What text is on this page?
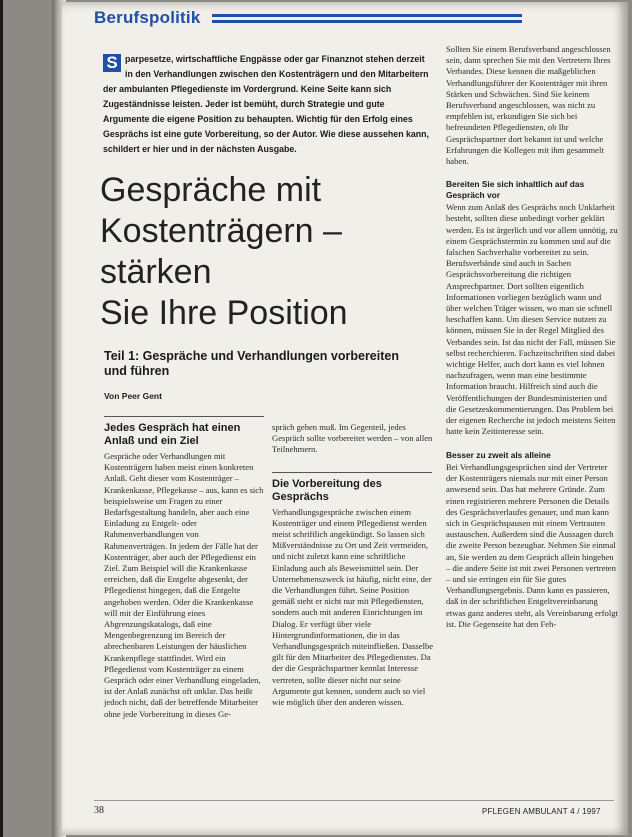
Berufspolitik
S parpesetze, wirtschaftliche Engpässe oder gar Finanznot stehen derzeit in den Verhandlungen zwischen den Kostenträgern und den Mitarbeitern der ambulanten Pflegedienste im Vordergrund. Keine Seite kann sich Zugeständnisse leisten. Jeder ist bemüht, durch Strategie und gute Argumente die eigene Position zu behaupten. Wichtig für den Erfolg eines Gesprächs ist eine gute Vorbereitung, so der Autor. Wie diese aussehen kann, schildert er hier und in der nächsten Ausgabe.
Gespräche mit
Kostenträgern –
stärken
Sie Ihre Position
Teil 1: Gespräche und Verhandlungen vorbereiten und führen
Von Peer Gent

Jedes Gespräch hat einen Anlaß und ein Ziel

Gespräche oder Verhandlungen mit Kostenträgern haben meist einen konkreten Anlaß. Geht dieser vom Kostenträger – Krankenkasse, Pflegekasse – aus, kann es sich beispielsweise um Fragen zu einer Bedarfsgestaltung handeln, aber auch eine Einladung zu Entgelt- oder Rahmenverhandlungen von Rahmenverträgen. In jedem der Fälle hat der Kostenträger, aber auch der Pflegedienst ein Ziel. Zum Beispiel will die Krankenkasse erreichen, daß die Entgelte abgesenkt, der Pflegedienst hingegen, daß die Entgelte angehoben werden. Oder die Krankenkasse will mit der Einführung eines Abgrenzungskatalogs, daß eine Mengenbegrenzung im Bereich der abrechenbaren Leistungen der häuslichen Krankenpflege stattfindet. Wird ein Pflegedienst vom Kostenträger zu einem Gespräch oder einer Verhandlung eingeladen, ist der Anlaß zunächst oft unklar. Das heißt jedoch nicht, daß der betreffende Mitarbeiter ohne jede Vorbereitung in dieses Ge-

spräch gehen muß. Im Gegenteil, jedes Gespräch sollte vorbereitet werden – von allen Teilnehmern.

Die Vorbereitung des Gesprächs

Verhandlungsgespräche zwischen einem Kostenträger und einem Pflegedienst werden meist schriftlich angekündigt. So lassen sich Mißverständnisse zu Ort und Zeit vermeiden, und nicht zuletzt kann eine schriftliche Einladung auch als Beweismittel sein. Der Unternehmenszweck ist häufig, nicht eine, der die Verhandlungen führt. Seine Position gemäß steht er nicht nur mit Pflegediensten, sondern auch mit anderen Einrichtungen im Dialog. Er verfügt über viele Hintergrundinformationen, die in das Verhandlungsgespräch miteinfließen. Dasselbe gilt für den Mitarbeiter des Pflegedienstes. Da der die Gesprächspartner kennlat Interesse vertreten, sollte dieser nicht nur seine Argumente gut kennen, sondern auch so viel wie möglich über den anderen wissen.

Sollten Sie einem Berufsverband angeschlossen sein, dann sprechen Sie mit den Vertretern Ihres Verbandes. Diese kennen die maßgeblichen Verhandlungsführer der Kostenträger mit ihren Stärken und Schwächen. Sind Sie keinem Berufsverband angeschlossen, was nicht zu empfehlen ist, erkundigen Sie sich bei befreundeten Pflegediensten, ob Ihr Gesprächspartner dort bekannt ist und welche Erfahrungen die Kollegen mit ihm gesammelt haben.

Bereiten Sie sich inhaltlich auf das Gespräch vor

Wenn zum Anlaß des Gesprächs noch Unklarheit besteht, sollten diese unbedingt vorher geklärt werden. Es ist ärgerlich und vor allem unnötig, zu einem Gesprächstermin zu kommen und auf die falschen Sachverhalte vorbereitet zu sein. Berufsverbände sind auch in Sachen Gesprächsvorbereitung die richtigen Ansprechpartner. Dort sollten eigentlich Informationen vorliegen bezüglich wann und über welchen Träger wissen, wo man sie schnell beschaffen kann. Um diesen Service nutzen zu können, müssen Sie in der Regel Mitglied des Verbandes sein. Ist das nicht der Fall, müssen Sie selbst recherchieren. Fachzeitschriften sind dabei wichtige Helfer, auch dort kann es viel lohnen nachzufragen, wenn man eine bestimmte Information braucht. Hilfreich sind auch die Veröffentlichungen der Bundesministerien und die Gesetzeskommentierungen. Das Problem bei der eigenen Recherche ist jedoch meistens Seiten hatte kein Zeitinteresse sein.

Besser zu zweit als alleine

Bei Verhandlungsgesprächen sind der Vertreter der Kostenträgers niemals nur mit einer Person anwesend sein. Das hat mehrere Gründe. Zum einen registrieren mehrere Personen die Details des Gesprächsverlaufes genauer, und man kann sich in Gesprächspausen mit einem Vertrauten austauschen. Außerdem sind die Aussagen durch die zweite Person bezeugbar. Nehmen Sie einmal an, Sie werden zu dem Gespräch allein hingehen – die andere Seite ist mit zwei Personen vertreten – und sie erringen ein für Sie gutes Verhandlungsergebnis. Dann kann es passieren, daß in der schriftlichen Entgeltvereinbarung etwas ganz anderes steht, als Vereinbarung erfolgt ist. Die Gegenseite hat den Feh-

38	PFLEGEN AMBULANT 4 / 1997
